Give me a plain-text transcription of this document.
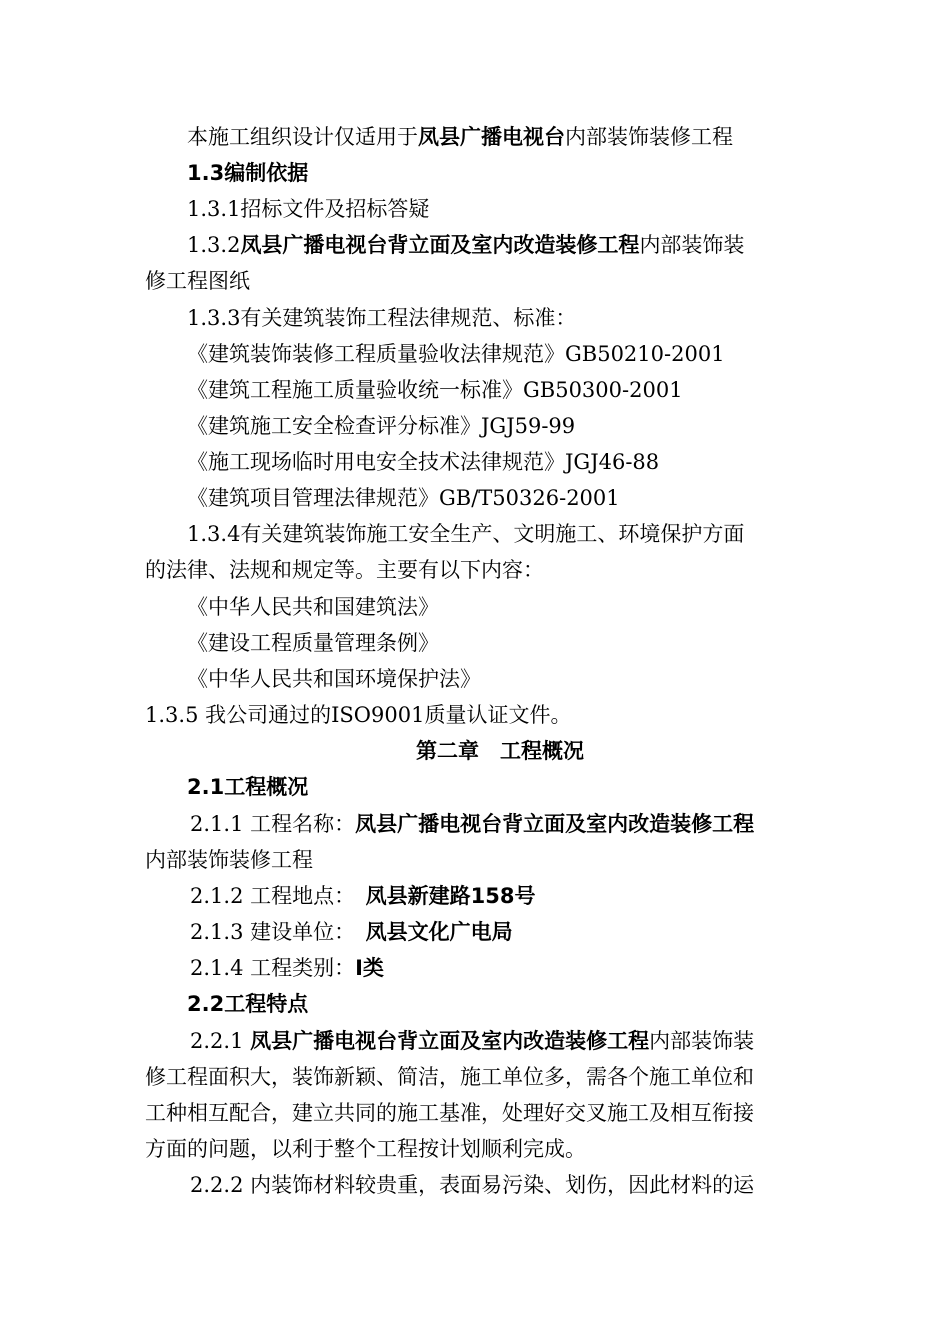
本施工组织设计仅适用于凤县广播电视台内部装饰装修工程
1.3编制依据
1.3.1招标文件及招标答疑
1.3.2凤县广播电视台背立面及室内改造装修工程内部装饰装
修工程图纸
1.3.3有关建筑装饰工程法律规范、标准：
《建筑装饰装修工程质量验收法律规范》GB50210-2001
《建筑工程施工质量验收统一标准》GB50300-2001
《建筑施工安全检查评分标准》JGJ59-99
《施工现场临时用电安全技术法律规范》JGJ46-88
《建筑项目管理法律规范》GB/T50326-2001
1.3.4有关建筑装饰施工安全生产、文明施工、环境保护方面
的法律、法规和规定等。主要有以下内容：
《中华人民共和国建筑法》
《建设工程质量管理条例》
《中华人民共和国环境保护法》
1.3.5 我公司通过的ISO9001质量认证文件。
第二章　工程概况
2.1工程概况
2.1.1 工程名称：凤县广播电视台背立面及室内改造装修工程
内部装饰装修工程
2.1.2 工程地点：　 凤县新建路158号
2.1.3 建设单位：　 凤县文化广电局
2.1.4 工程类别：Ⅰ类
2.2工程特点
2.2.1 凤县广播电视台背立面及室内改造装修工程内部装饰装
修工程面积大，装饰新颖、简洁，施工单位多，需各个施工单位和
工种相互配合，建立共同的施工基准，处理好交叉施工及相互衔接
方面的问题，以利于整个工程按计划顺利完成。
2.2.2 内装饰材料较贵重，表面易污染、划伤，因此材料的运
